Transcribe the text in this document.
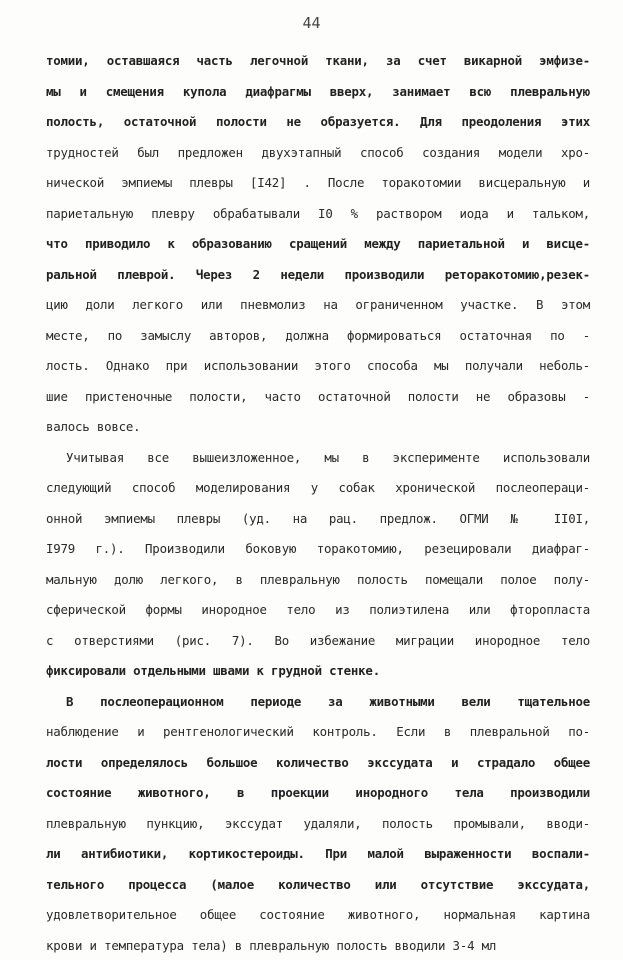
44
томии, оставшаяся часть легочной ткани, за счет викарной эмфизе-
мы и смещения купола диафрагмы вверх, занимает всю плевральную
полость, остаточной полости не образуется. Для преодоления этих
трудностей был предложен двухэтапный способ создания модели хро-
нической эмпиемы плевры [I42] . После торакотомии висцеральную и
париетальную плевру обрабатывали I0 % раствором иода и тальком,
что приводило к образованию сращений между париетальной и висце-
ральной плеврой. Через 2 недели производили реторакотомию,резек-
цию доли легкого или пневмолиз на ограниченном участке. В этом
месте, по замыслу авторов, должна формироваться остаточная по -
лость. Однако при использовании этого способа мы получали неболь-
шие пристеночные полости, часто остаточной полости не образовы -
валось вовсе.
Учитывая все вышеизложенное, мы в эксперименте использовали
следующий способ моделирования у собак хронической послеопераци-
онной эмпиемы плевры (уд. на рац. предлож. ОГМИ № II0I,
I979 г.). Производили боковую торакотомию, резецировали диафраг-
мальную долю легкого, в плевральную полость помещали полое полу-
сферической формы инородное тело из полиэтилена или фторопласта
с отверстиями (рис. 7). Во избежание миграции инородное тело
фиксировали отдельными швами к грудной стенке.
В послеоперационном периоде за животными вели тщательное
наблюдение и рентгенологический контроль. Если в плевральной по-
лости определялось большое количество экссудата и страдало общее
состояние животного, в проекции инородного тела производили
плевральную пункцию, экссудат удаляли, полость промывали, вводи-
ли антибиотики, кортикостероиды. При малой выраженности воспали-
тельного процесса (малое количество или отсутствие экссудата,
удовлетворительное общее состояние животного, нормальная картина
крови и температура тела) в плевральную полость вводили 3-4 мл
